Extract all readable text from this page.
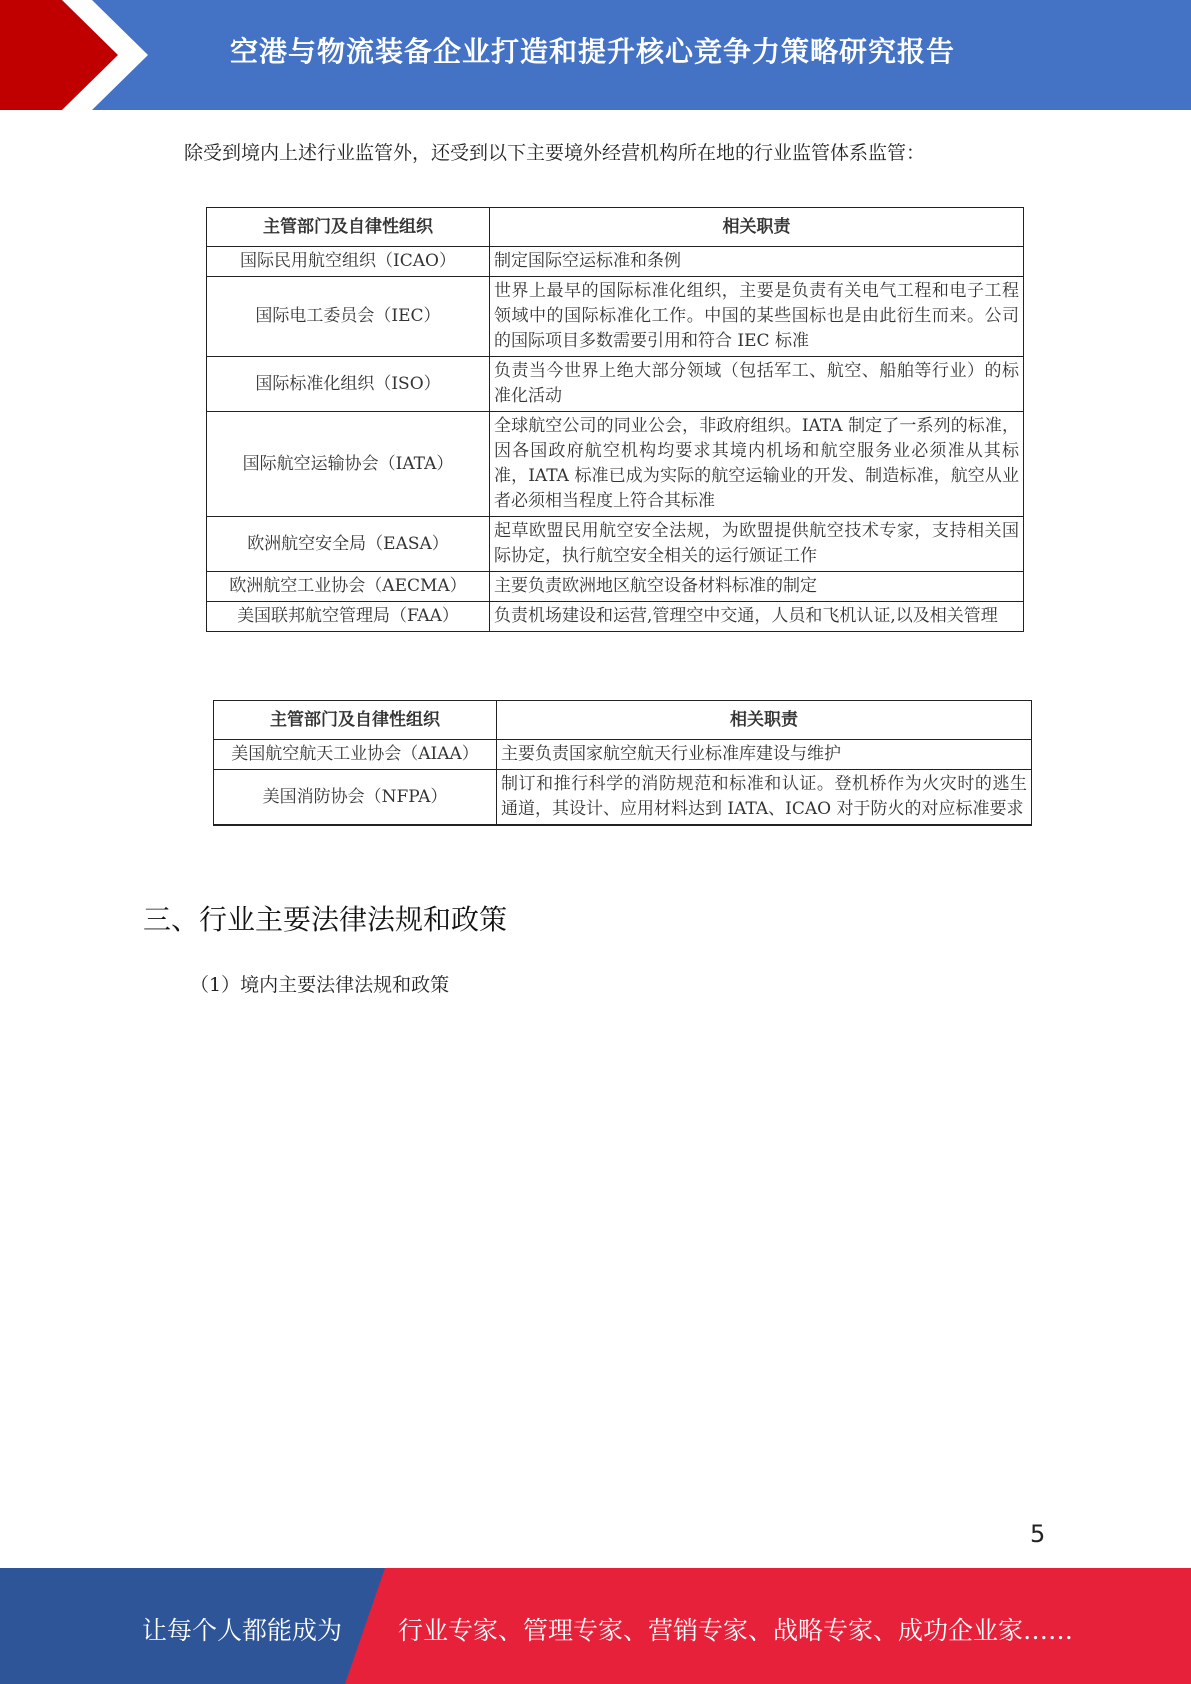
空港与物流装备企业打造和提升核心竞争力策略研究报告
除受到境内上述行业监管外，还受到以下主要境外经营机构所在地的行业监管体系监管：
主管部门及自律性组织	相关职责
国际民用航空组织（ICAO）	制定国际空运标准和条例
国际电工委员会（IEC）	世界上最早的国际标准化组织，主要是负责有关电气工程和电子工程领域中的国际标准化工作。中国的某些国标也是由此衍生而来。公司的国际项目多数需要引用和符合 IEC 标准
国际标准化组织（ISO）	负责当今世界上绝大部分领域（包括军工、航空、船舶等行业）的标准化活动
国际航空运输协会（IATA）	全球航空公司的同业公会，非政府组织。IATA 制定了一系列的标准，因各国政府航空机构均要求其境内机场和航空服务业必须准从其标准，IATA 标准已成为实际的航空运输业的开发、制造标准，航空从业者必须相当程度上符合其标准
欧洲航空安全局（EASA）	起草欧盟民用航空安全法规，为欧盟提供航空技术专家，支持相关国际协定，执行航空安全相关的运行颁证工作
欧洲航空工业协会（AECMA）	主要负责欧洲地区航空设备材料标准的制定
美国联邦航空管理局（FAA）	负责机场建设和运营,管理空中交通，人员和飞机认证,以及相关管理
主管部门及自律性组织	相关职责
美国航空航天工业协会（AIAA）	主要负责国家航空航天行业标准库建设与维护
美国消防协会（NFPA）	制订和推行科学的消防规范和标准和认证。登机桥作为火灾时的逃生通道，其设计、应用材料达到 IATA、ICAO 对于防火的对应标准要求
三、行业主要法律法规和政策
（1）境内主要法律法规和政策
5
让每个人都能成为 行业专家、管理专家、营销专家、战略专家、成功企业家……
